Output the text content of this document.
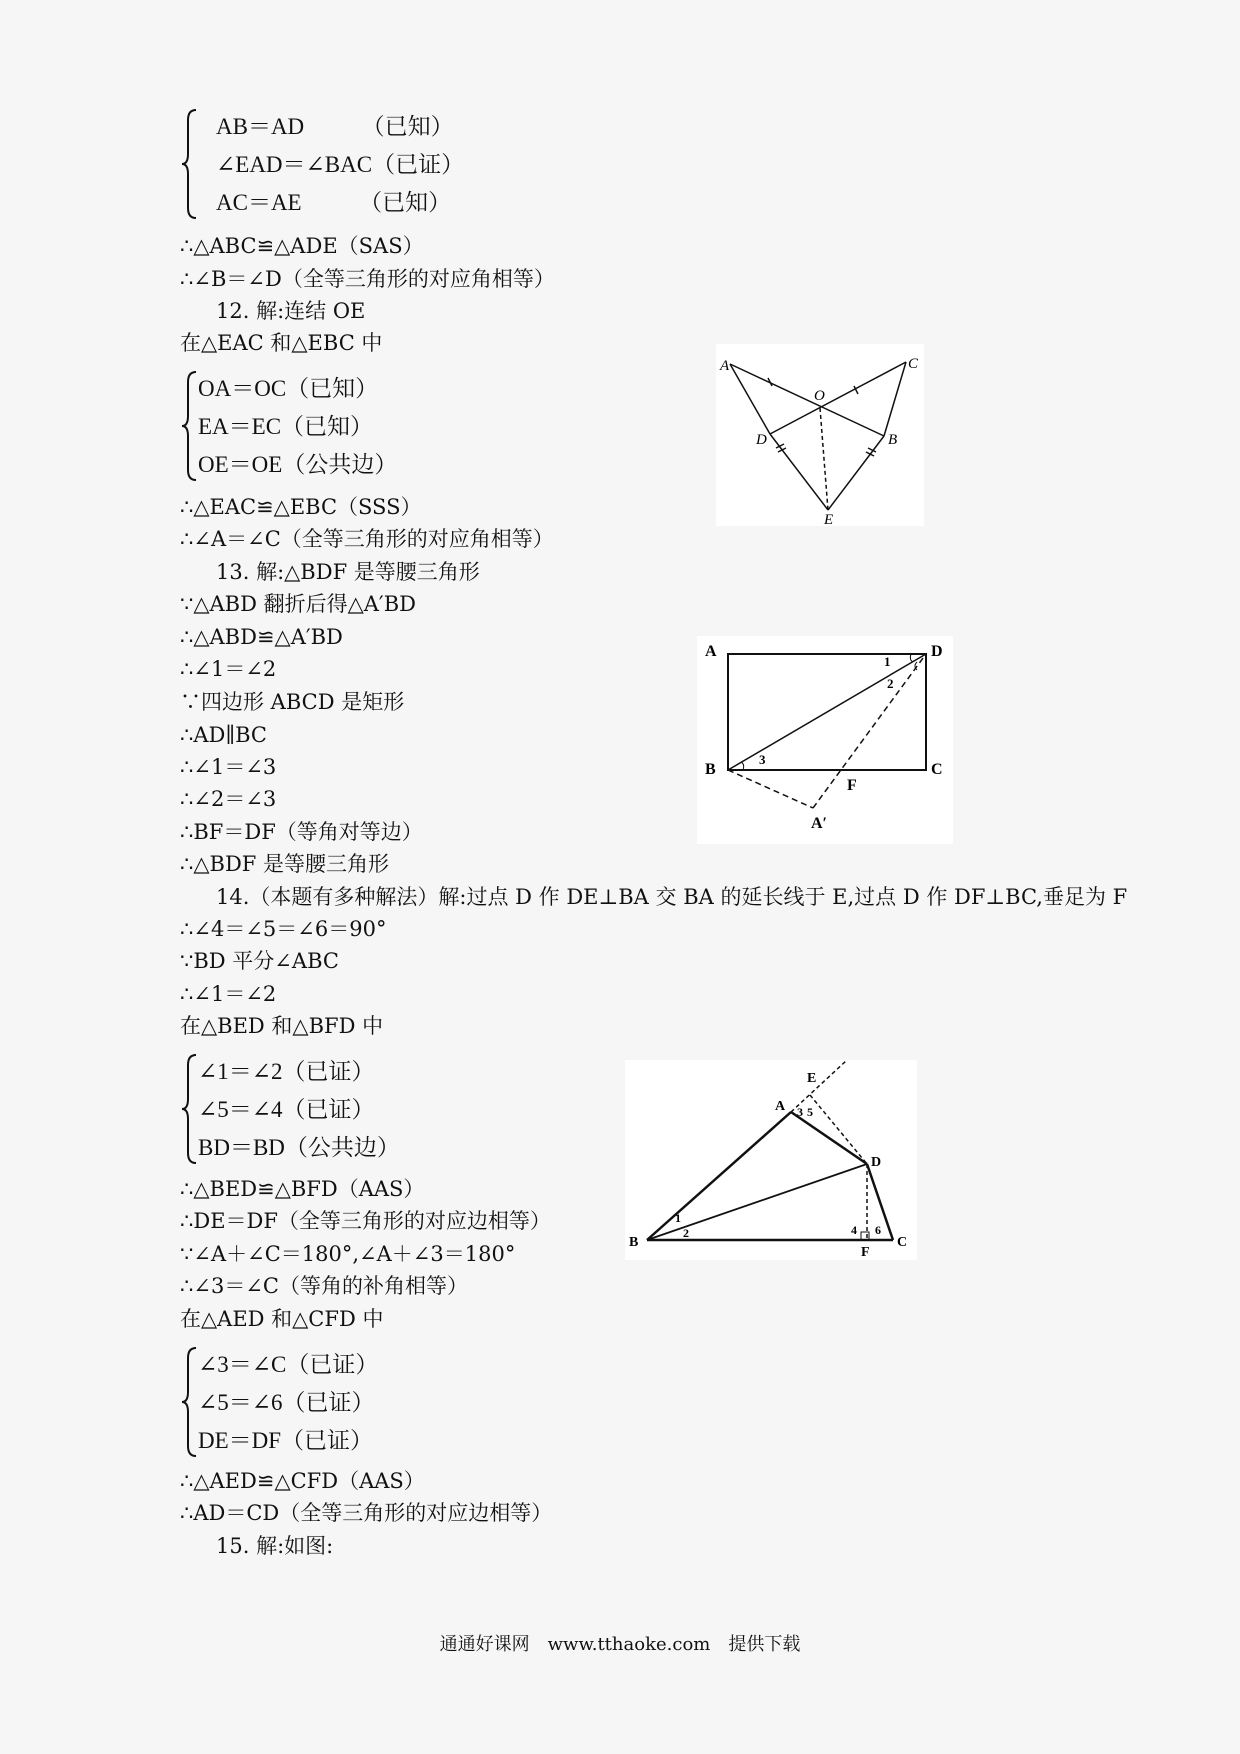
AB＝AD　　　（已知）
∠EAD＝∠BAC（已证）
AC＝AE　　　（已知）
∴△ABC≌△ADE（SAS）
∴∠B＝∠D（全等三角形的对应角相等）
12. 解:连结 OE
在△EAC 和△EBC 中
OA＝OC（已知）
EA＝EC（已知）
OE＝OE（公共边）
∴△EAC≌△EBC（SSS）
∴∠A＝∠C（全等三角形的对应角相等）
13. 解:△BDF 是等腰三角形
∵△ABD 翻折后得△A′BD
∴△ABD≌△A′BD
∴∠1＝∠2
∵四边形 ABCD 是矩形
∴AD∥BC
∴∠1＝∠3
∴∠2＝∠3
∴BF＝DF（等角对等边）
∴△BDF 是等腰三角形
14.（本题有多种解法）解:过点 D 作 DE⊥BA 交 BA 的延长线于 E,过点 D 作 DF⊥BC,垂足为 F
∴∠4＝∠5＝∠6＝90°
∵BD 平分∠ABC
∴∠1＝∠2
在△BED 和△BFD 中
∠1＝∠2（已证）
∠5＝∠4（已证）
BD＝BD（公共边）
∴△BED≌△BFD（AAS）
∴DE＝DF（全等三角形的对应边相等）
∵∠A＋∠C＝180°,∠A＋∠3＝180°
∴∠3＝∠C（等角的补角相等）
在△AED 和△CFD 中
∠3＝∠C（已证）
∠5＝∠6（已证）
DE＝DF（已证）
∴△AED≌△CFD（AAS）
∴AD＝CD（全等三角形的对应边相等）
15. 解:如图:
A	C
O
D	B
E
A	D
B	C
F
A′
1
2
3
E
A
D
B	C
F
1
2
3 5
4 6
通通好课网　www.tthaoke.com　提供下载
